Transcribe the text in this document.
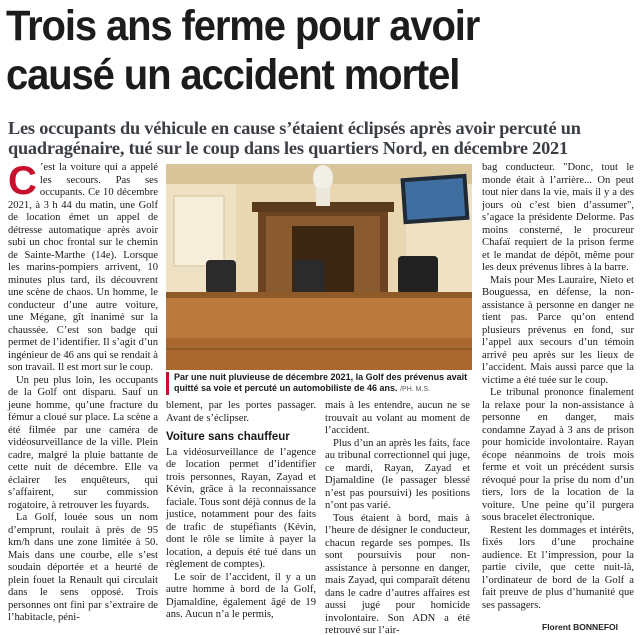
Trois ans ferme pour avoir
causé un accident mortel
Les occupants du véhicule en cause s’étaient éclipsés après avoir percuté un quadragénaire, tué sur le coup dans les quartiers Nord, en décembre 2021

C ’est la voiture qui a appelé les secours. Pas ses occupants. Ce 10 décembre 2021, à 3 h 44 du matin, une Golf de location émet un appel de détresse automatique après avoir subi un choc frontal sur le chemin de Sainte-Marthe (14e). Lorsque les marins-pompiers arrivent, 10 minutes plus tard, ils découvrent une scène de chaos. Un homme, le conducteur d’une autre voiture, une Mégane, gît inanimé sur la chaussée. C’est son badge qui permet de l’identifier. Il s’agit d’un ingénieur de 46 ans qui se rendait à son travail. Il est mort sur le coup.

Un peu plus loin, les occupants de la Golf ont disparu. Sauf un jeune homme, qu’une fracture du fémur a cloué sur place. La scène a été filmée par une caméra de vidéosurveillance de la ville. Plein cadre, malgré la pluie battante de cette nuit de décembre. Elle va éclairer les enquêteurs, qui s’affairent, sur commission rogatoire, à retrouver les fuyards.

La Golf, louée sous un nom d’emprunt, roulait à près de 95 km/h dans une zone limitée à 50. Mais dans une courbe, elle s’est soudain déportée et a heurté de plein fouet la Renault qui circulait dans le sens opposé. Trois personnes ont fini par s’extraire de l’habitacle, péni-

Par une nuit pluvieuse de décembre 2021, la Golf des prévenus avait quitté sa voie et percuté un automobiliste de 46 ans. /PH. M.S.

blement, par les portes passager. Avant de s’éclipser.

Voiture sans chauffeur

La vidéosurveillance de l’agence de location permet d’identifier trois personnes, Rayan, Zayad et Kévin, grâce à la reconnaissance faciale. Tous sont déjà connus de la justice, notamment pour des faits de trafic de stupéfiants (Kévin, dont le rôle se limite à payer la location, a depuis été tué dans un règlement de comptes).

Le soir de l’accident, il y a un autre homme à bord de la Golf, Djamaldine, également âgé de 19 ans. Aucun n’a le permis,

mais à les entendre, aucun ne se trouvait au volant au moment de l’accident.

Plus d’un an après les faits, face au tribunal correctionnel qui juge, ce mardi, Rayan, Zayad et Djamaldine (le passager blessé n’est pas poursuivi) les positions n’ont pas varié.

Tous étaient à bord, mais à l’heure de désigner le conducteur, chacun regarde ses pompes. Ils sont poursuivis pour non-assistance à personne en danger, mais Zayad, qui comparaît détenu dans le cadre d’autres affaires est aussi jugé pour homicide involontaire. Son ADN a été retrouvé sur l’air-

bag conducteur. "Donc, tout le monde était à l’arrière... On peut tout nier dans la vie, mais il y a des jours où c’est bien d’assumer", s’agace la présidente Delorme. Pas moins consterné, le procureur Chafaï requiert de la prison ferme et le mandat de dépôt, même pour les deux prévenus libres à la barre.

Mais pour Mes Lauraire, Nieto et Bouguessa, en défense, la non-assistance à personne en danger ne tient pas. Parce qu’on entend plusieurs prévenus en fond, sur l’appel aux secours d’un témoin arrivé peu après sur les lieux de l’accident. Mais aussi parce que la victime a été tuée sur le coup.

Le tribunal prononce finalement la relaxe pour la non-assistance à personne en danger, mais condamne Zayad à 3 ans de prison pour homicide involontaire. Rayan écope néanmoins de trois mois ferme et voit un précédent sursis révoqué pour la prise du nom d’un tiers, lors de la location de la voiture. Une peine qu’il purgera sous bracelet électronique.

Restent les dommages et intérêts, fixés lors d’une prochaine audience. Et l’impression, pour la partie civile, que cette nuit-là, l’ordinateur de bord de la Golf a fait preuve de plus d’humanité que ses passagers.

Florent BONNEFOI
